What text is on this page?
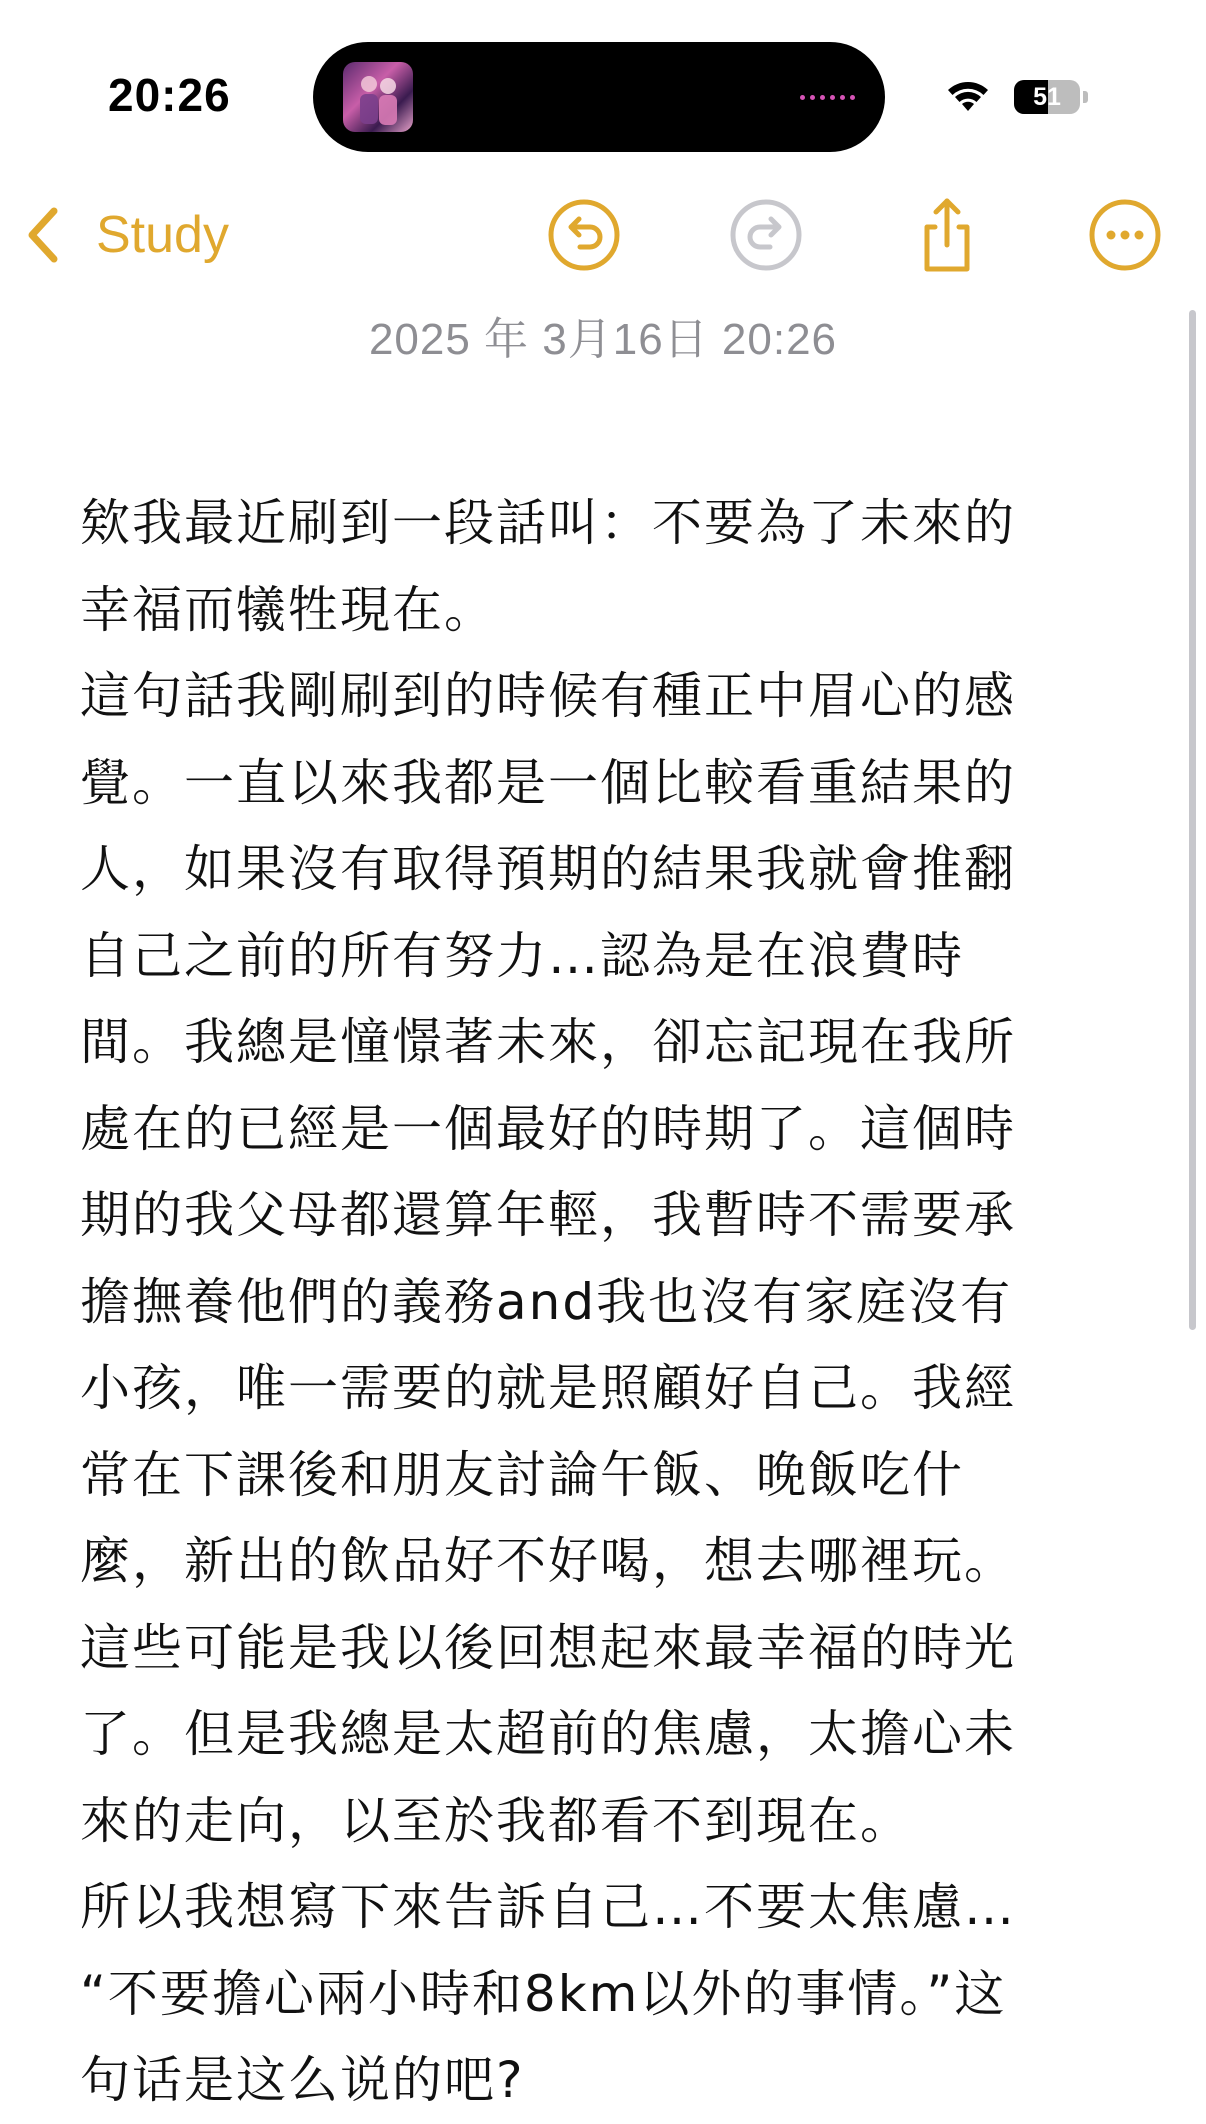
20:26	51
Study
2025 年 3月16日 20:26
欸我最近刷到一段話叫：不要為了未來的
幸福而犧牲現在。
這句話我剛刷到的時候有種正中眉心的感
覺。一直以來我都是一個比較看重結果的
人，如果沒有取得預期的結果我就會推翻
自己之前的所有努力…認為是在浪費時
間。我總是憧憬著未來，卻忘記現在我所
處在的已經是一個最好的時期了。這個時
期的我父母都還算年輕，我暫時不需要承
擔撫養他們的義務and我也沒有家庭沒有
小孩，唯一需要的就是照顧好自己。我經
常在下課後和朋友討論午飯、晚飯吃什
麼，新出的飲品好不好喝，想去哪裡玩。
這些可能是我以後回想起來最幸福的時光
了。但是我總是太超前的焦慮，太擔心未
來的走向，以至於我都看不到現在。
所以我想寫下來告訴自己…不要太焦慮…
“不要擔心兩小時和8km以外的事情。”这
句话是这么说的吧?
